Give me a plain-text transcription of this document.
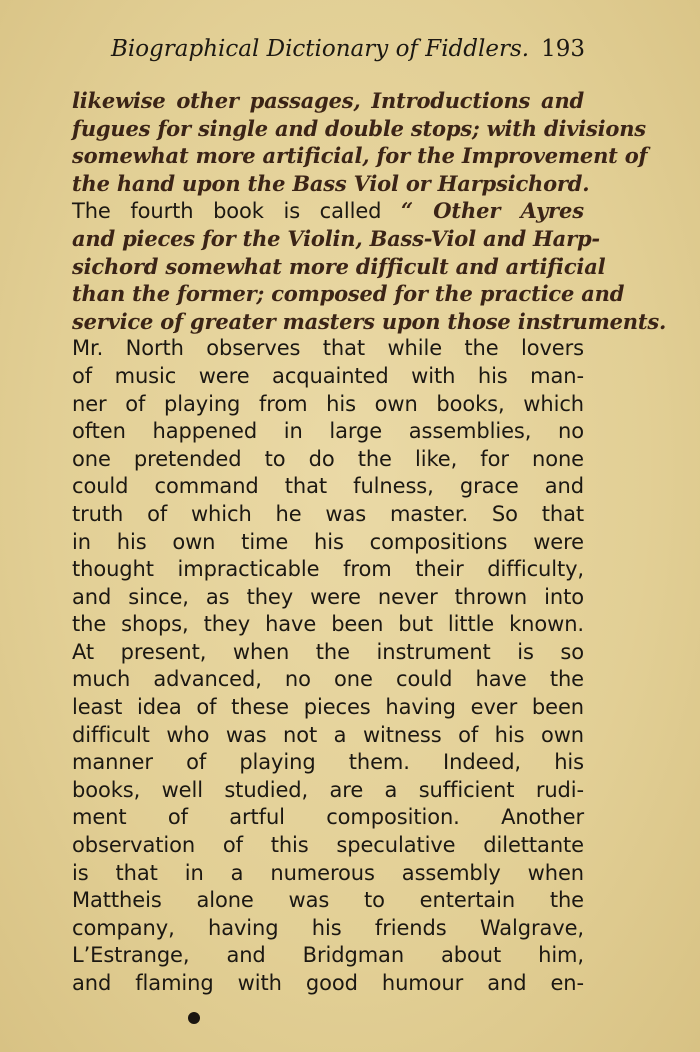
Biographical Dictionary of Fiddlers. 193
likewise other passages, Introductions and
fugues for single and double stops; with divisions
somewhat more artificial, for the Improvement of
the hand upon the Bass Viol or Harpsichord.
The fourth book is called “ Other Ayres
and pieces for the Violin, Bass-Viol and Harp-
sichord somewhat more difficult and artificial
than the former; composed for the practice and
service of greater masters upon those instruments.
Mr. North observes that while the lovers
of music were acquainted with his man-
ner of playing from his own books, which
often happened in large assemblies, no
one pretended to do the like, for none
could command that fulness, grace and
truth of which he was master. So that
in his own time his compositions were
thought impracticable from their difficulty,
and since, as they were never thrown into
the shops, they have been but little known.
At present, when the instrument is so
much advanced, no one could have the
least idea of these pieces having ever been
difficult who was not a witness of his own
manner of playing them. Indeed, his
books, well studied, are a sufficient rudi-
ment of artful composition. Another
observation of this speculative dilettante
is that in a numerous assembly when
Mattheis alone was to entertain the
company, having his friends Walgrave,
L’Estrange, and Bridgman about him,
and flaming with good humour and en-
